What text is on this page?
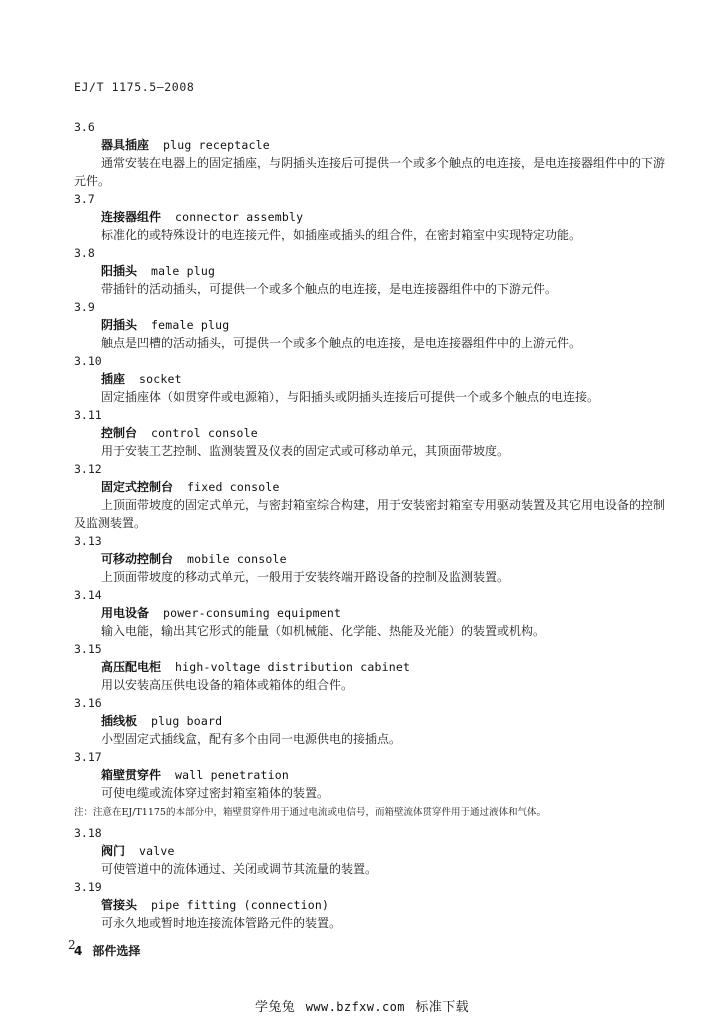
EJ/T 1175.5—2008
3.6
器具插座 plug receptacle
通常安装在电器上的固定插座，与阴插头连接后可提供一个或多个触点的电连接，是电连接器组件中的下游元件。
3.7
连接器组件 connector assembly
标准化的或特殊设计的电连接元件，如插座或插头的组合件，在密封箱室中实现特定功能。
3.8
阳插头 male plug
带插针的活动插头，可提供一个或多个触点的电连接，是电连接器组件中的下游元件。
3.9
阴插头 female plug
触点是凹槽的活动插头，可提供一个或多个触点的电连接，是电连接器组件中的上游元件。
3.10
插座 socket
固定插座体（如贯穿件或电源箱），与阳插头或阴插头连接后可提供一个或多个触点的电连接。
3.11
控制台 control console
用于安装工艺控制、监测装置及仪表的固定式或可移动单元，其顶面带坡度。
3.12
固定式控制台 fixed console
上顶面带坡度的固定式单元，与密封箱室综合构建，用于安装密封箱室专用驱动装置及其它用电设备的控制及监测装置。
3.13
可移动控制台 mobile console
上顶面带坡度的移动式单元，一般用于安装终端开路设备的控制及监测装置。
3.14
用电设备 power-consuming equipment
输入电能，输出其它形式的能量（如机械能、化学能、热能及光能）的装置或机构。
3.15
高压配电柜 high-voltage distribution cabinet
用以安装高压供电设备的箱体或箱体的组合件。
3.16
插线板 plug board
小型固定式插线盒，配有多个由同一电源供电的接插点。
3.17
箱壁贯穿件 wall penetration
可使电缆或流体穿过密封箱室箱体的装置。
注：注意在EJ/T1175的本部分中，箱壁贯穿件用于通过电流或电信号，而箱壁流体贯穿件用于通过液体和气体。
3.18
阀门 valve
可使管道中的流体通过、关闭或调节其流量的装置。
3.19
管接头 pipe fitting (connection)
可永久地或暂时地连接流体管路元件的装置。
4 部件选择
2
学兔兔 www.bzfxw.com 标准下载
